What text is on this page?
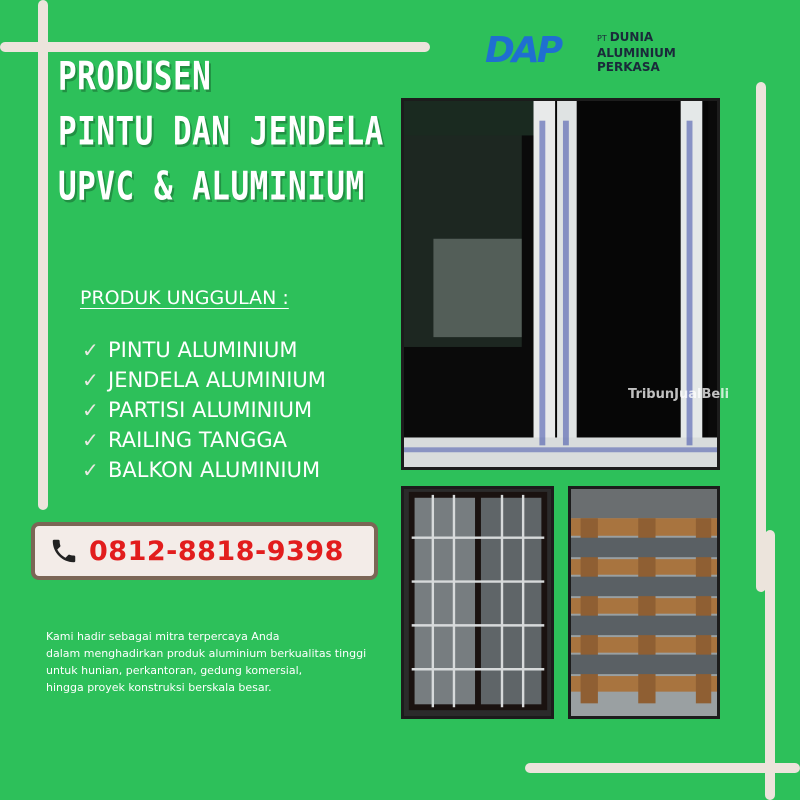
PRODUSEN
PINTU DAN JENDELA
UPVC & ALUMINIUM
DAP	PT DUNIA
ALUMINIUM
PERKASA
PRODUK UNGGULAN :
✓ PINTU ALUMINIUM
✓ JENDELA ALUMINIUM
✓ PARTISI ALUMINIUM
✓ RAILING TANGGA
✓ BALKON ALUMINIUM
0812-8818-9398
Kami hadir sebagai mitra terpercaya Anda
dalam menghadirkan produk aluminium berkualitas tinggi
untuk hunian, perkantoran, gedung komersial,
hingga proyek konstruksi berskala besar.
TribunJualBeli
